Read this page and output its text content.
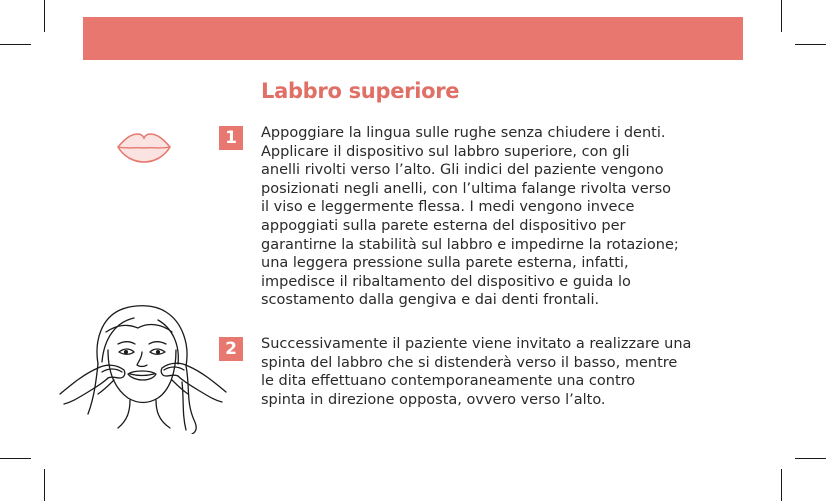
Labbro superiore
1	Appoggiare la lingua sulle rughe senza chiudere i denti.
Applicare il dispositivo sul labbro superiore, con gli
anelli rivolti verso l’alto. Gli indici del paziente vengono
posizionati negli anelli, con l’ultima falange rivolta verso
il viso e leggermente flessa. I medi vengono invece
appoggiati sulla parete esterna del dispositivo per
garantirne la stabilità sul labbro e impedirne la rotazione;
una leggera pressione sulla parete esterna, infatti,
impedisce il ribaltamento del dispositivo e guida lo
scostamento dalla gengiva e dai denti frontali.
2	Successivamente il paziente viene invitato a realizzare una
spinta del labbro che si distenderà verso il basso, mentre
le dita effettuano contemporaneamente una contro
spinta in direzione opposta, ovvero verso l’alto.
